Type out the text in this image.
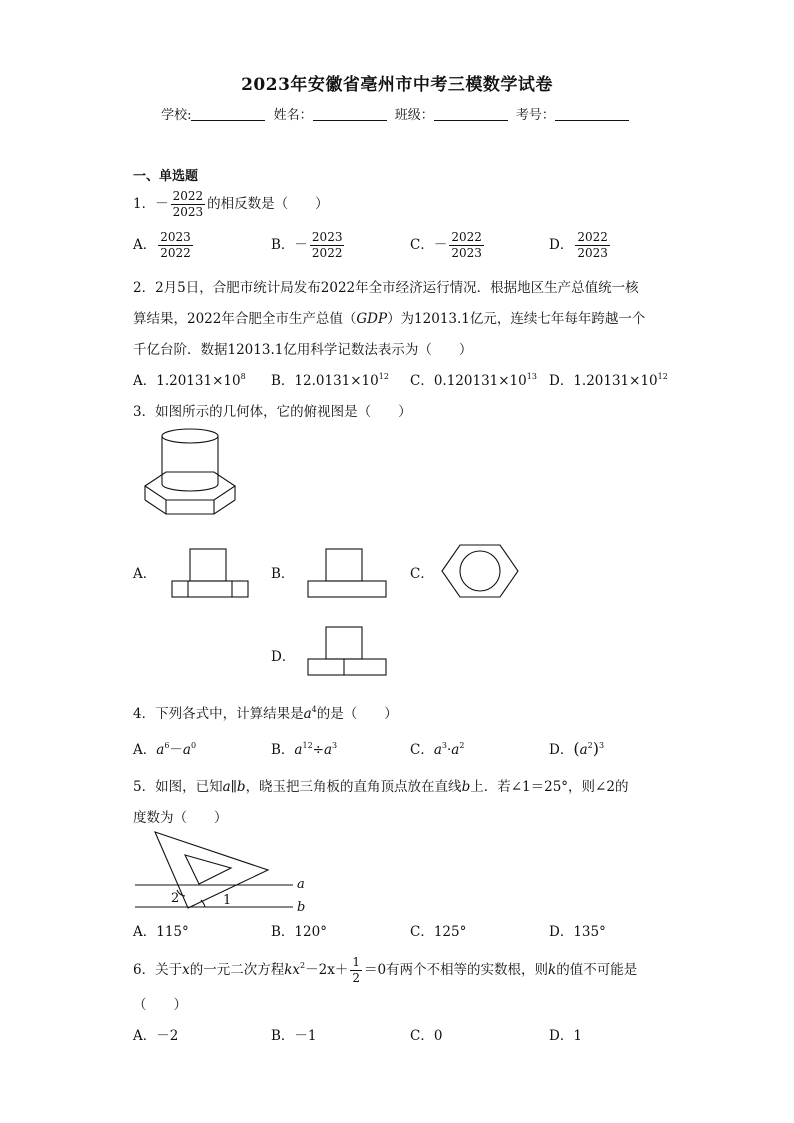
2023年安徽省亳州市中考三模数学试卷
学校:	姓名：	班级：	考号：
一、单选题
1．－ $\frac{2022}{2023}$ 的相反数是（　　）
A． $\frac{2023}{2022}$	B．－ $\frac{2023}{2022}$	C．－ $\frac{2022}{2023}$	D． $\frac{2022}{2023}$
2．2月5日，合肥市统计局发布2022年全市经济运行情况．根据地区生产总值统一核
算结果，2022年合肥全市生产总值（GDP）为12013.1亿元，连续七年每年跨越一个
千亿台阶．数据12013.1亿用科学记数法表示为（　　）
A．$1.20131\times 10^8$ B．$12.0131\times 10^{12}$ C．$0.120131\times 10^{13}$ D．$1.20131\times 10^{12}$
3．如图所示的几何体，它的俯视图是（　　）
A．	B．	C．
D．
4．下列各式中，计算结果是$a^4$的是（　　）
A．$a^6-a^0$	B．$a^{12}\div a^3$	C．$a^3\cdot a^2$	D．$(a^2)^3$
5．如图，已知a∥b，晓玉把三角板的直角顶点放在直线b上．若∠1＝25°，则∠2的
度数为（　　）
a
b
1
2
A．115°	B．120°	C．125°	D．135°
6．关于x的一元二次方程$kx^2-2x+ \frac{1}{2} =0$有两个不相等的实数根，则k的值不可能是
（　　）
A．－2	B．－1	C．0	D．1
